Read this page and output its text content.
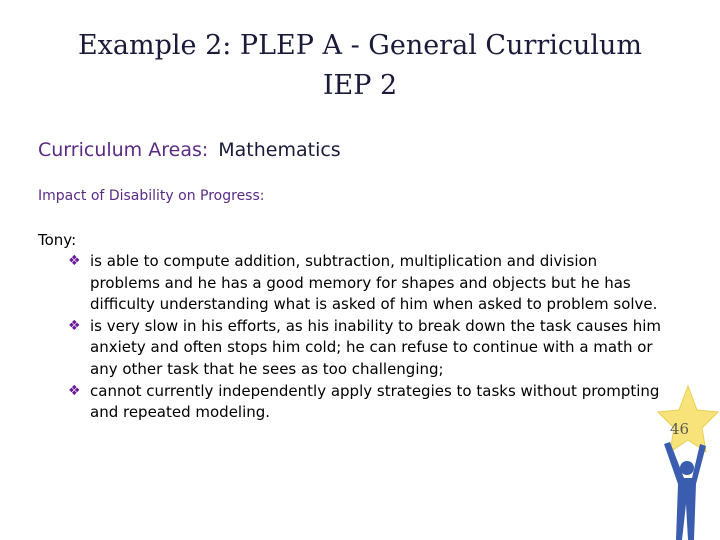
Example 2: PLEP A - General Curriculum
IEP 2
Curriculum Areas: Mathematics
Impact of Disability on Progress:
Tony:
❖ is able to compute addition, subtraction, multiplication and division problems and he has a good memory for shapes and objects but he has difficulty understanding what is asked of him when asked to problem solve.
❖ is very slow in his efforts, as his inability to break down the task causes him anxiety and often stops him cold; he can refuse to continue with a math or any other task that he sees as too challenging;
❖ cannot currently independently apply strategies to tasks without prompting and repeated modeling.
46
